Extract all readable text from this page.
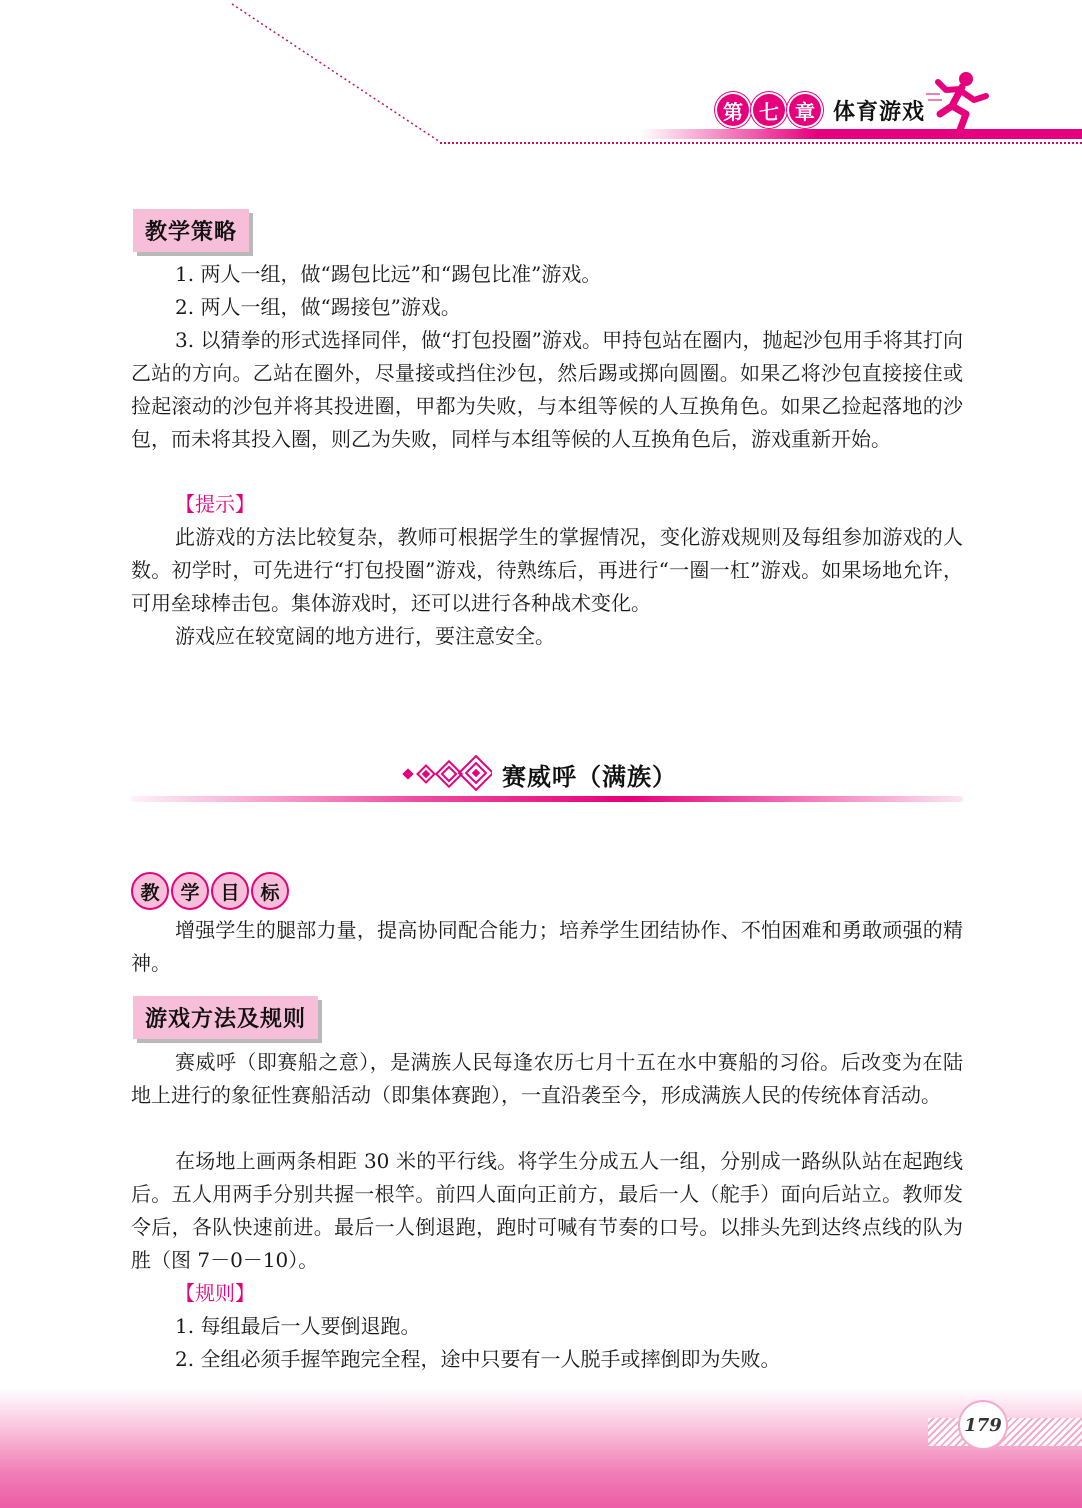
第 七 章 体育游戏
教学策略
1. 两人一组，做“踢包比远”和“踢包比准”游戏。
2. 两人一组，做“踢接包”游戏。
3. 以猜拳的形式选择同伴，做“打包投圈”游戏。甲持包站在圈内，抛起沙包用手将其打向乙站的方向。乙站在圈外，尽量接或挡住沙包，然后踢或掷向圆圈。如果乙将沙包直接接住或捡起滚动的沙包并将其投进圈，甲都为失败，与本组等候的人互换角色。如果乙捡起落地的沙包，而未将其投入圈，则乙为失败，同样与本组等候的人互换角色后，游戏重新开始。
【提示】
此游戏的方法比较复杂，教师可根据学生的掌握情况，变化游戏规则及每组参加游戏的人数。初学时，可先进行“打包投圈”游戏，待熟练后，再进行“一圈一杠”游戏。如果场地允许，可用垒球棒击包。集体游戏时，还可以进行各种战术变化。
游戏应在较宽阔的地方进行，要注意安全。
赛威呼（满族）
教	学	目	标
增强学生的腿部力量，提高协同配合能力；培养学生团结协作、不怕困难和勇敢顽强的精神。
游戏方法及规则
赛威呼（即赛船之意），是满族人民每逢农历七月十五在水中赛船的习俗。后改变为在陆地上进行的象征性赛船活动（即集体赛跑），一直沿袭至今，形成满族人民的传统体育活动。
在场地上画两条相距 30 米的平行线。将学生分成五人一组，分别成一路纵队站在起跑线后。五人用两手分别共握一根竿。前四人面向正前方，最后一人（舵手）面向后站立。教师发令后，各队快速前进。最后一人倒退跑，跑时可喊有节奏的口号。以排头先到达终点线的队为胜（图 7－0－10）。
【规则】
1. 每组最后一人要倒退跑。
2. 全组必须手握竿跑完全程，途中只要有一人脱手或摔倒即为失败。
179
